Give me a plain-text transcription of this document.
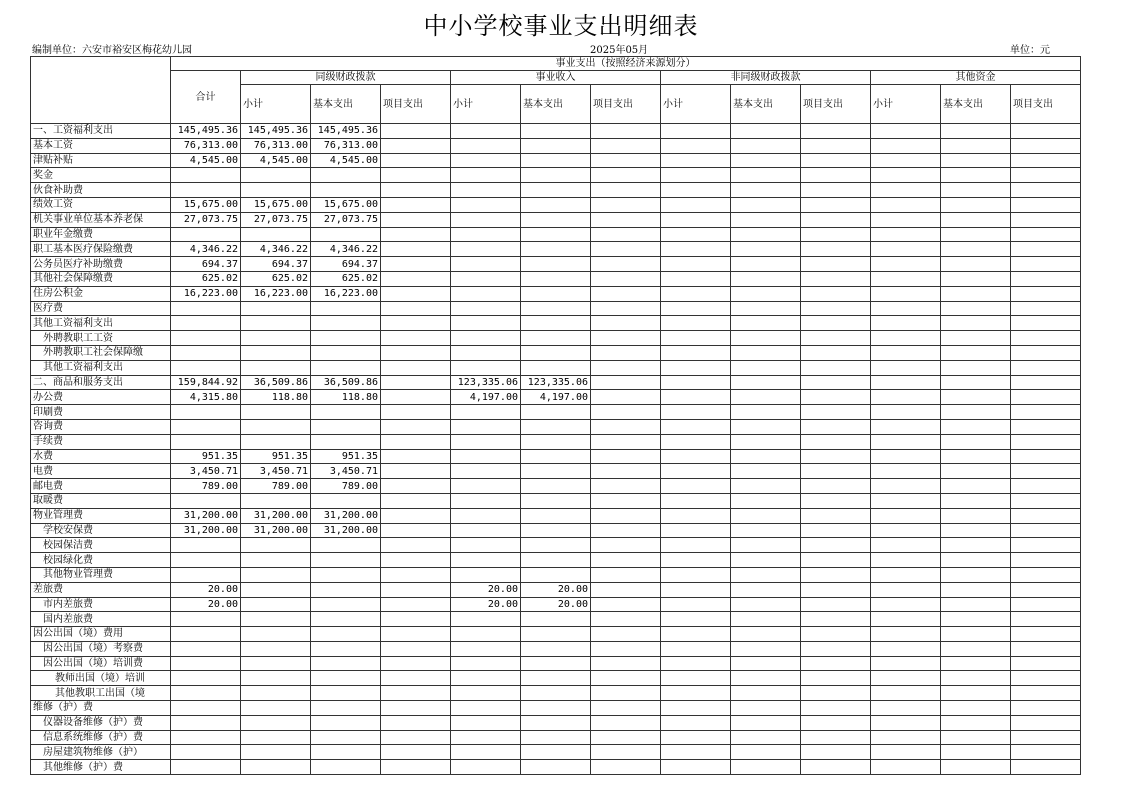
中小学校事业支出明细表
编制单位：六安市裕安区梅花幼儿园	2025年05月	单位：元
	事业支出（按照经济来源划分）												
	合计	同级财政拨款			事业收入			非同级财政拨款			其他资金		
		小计	基本支出	项目支出	小计	基本支出	项目支出	小计	基本支出	项目支出	小计	基本支出	项目支出
一、工资福利支出	145,495.36	145,495.36	145,495.36										
基本工资	76,313.00	76,313.00	76,313.00										
津贴补贴	4,545.00	4,545.00	4,545.00										
奖金													
伙食补助费													
绩效工资	15,675.00	15,675.00	15,675.00										
机关事业单位基本养老保	27,073.75	27,073.75	27,073.75										
职业年金缴费													
职工基本医疗保险缴费	4,346.22	4,346.22	4,346.22										
公务员医疗补助缴费	694.37	694.37	694.37										
其他社会保障缴费	625.02	625.02	625.02										
住房公积金	16,223.00	16,223.00	16,223.00										
医疗费													
其他工资福利支出													
外聘教职工工资													
外聘教职工社会保障缴													
其他工资福利支出													
二、商品和服务支出	159,844.92	36,509.86	36,509.86		123,335.06	123,335.06							
办公费	4,315.80	118.80	118.80		4,197.00	4,197.00							
印刷费													
咨询费													
手续费													
水费	951.35	951.35	951.35										
电费	3,450.71	3,450.71	3,450.71										
邮电费	789.00	789.00	789.00										
取暖费													
物业管理费	31,200.00	31,200.00	31,200.00										
学校安保费	31,200.00	31,200.00	31,200.00										
校园保洁费													
校园绿化费													
其他物业管理费													
差旅费	20.00				20.00	20.00							
市内差旅费	20.00				20.00	20.00							
国内差旅费													
因公出国（境）费用													
因公出国（境）考察费													
因公出国（境）培训费													
教师出国（境）培训													
其他教职工出国（境													
维修（护）费													
仪器设备维修（护）费													
信息系统维修（护）费													
房屋建筑物维修（护）													
其他维修（护）费													
